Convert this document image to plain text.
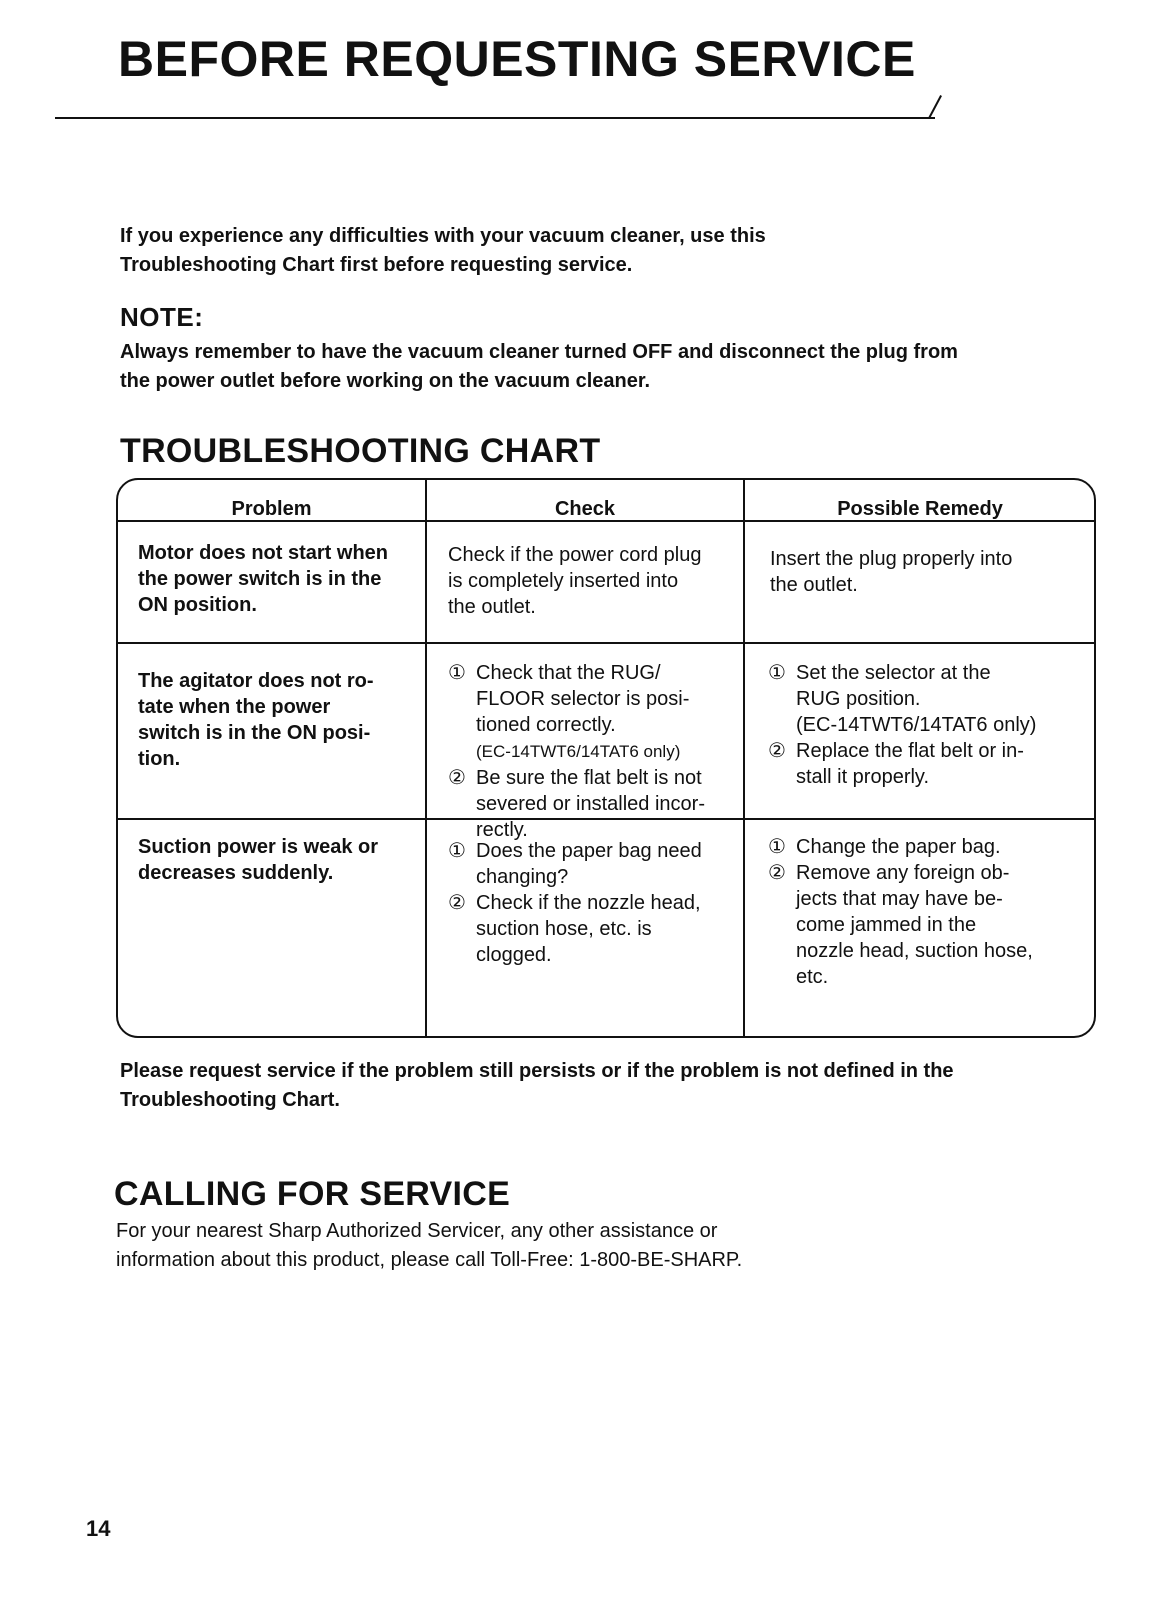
BEFORE REQUESTING SERVICE
If you experience any difficulties with your vacuum cleaner, use this
Troubleshooting Chart first before requesting service.
NOTE:
Always remember to have the vacuum cleaner turned OFF and disconnect the plug from
the power outlet before working on the vacuum cleaner.
TROUBLESHOOTING CHART
Problem	Check	Possible Remedy
Motor does not start when
the power switch is in the
ON position.
Check if the power cord plug
is completely inserted into
the outlet.
Insert the plug properly into
the outlet.
The agitator does not ro-
tate when the power
switch is in the ON posi-
tion.
① Check that the RUG/
FLOOR selector is posi-
tioned correctly.
(EC-14TWT6/14TAT6 only)
② Be sure the flat belt is not
severed or installed incor-
rectly.
① Set the selector at the
RUG position.
(EC-14TWT6/14TAT6 only)
② Replace the flat belt or in-
stall it properly.
Suction power is weak or
decreases suddenly.
① Does the paper bag need
changing?
② Check if the nozzle head,
suction hose, etc. is
clogged.
① Change the paper bag.
② Remove any foreign ob-
jects that may have be-
come jammed in the
nozzle head, suction hose,
etc.
Please request service if the problem still persists or if the problem is not defined in the
Troubleshooting Chart.
CALLING FOR SERVICE
For your nearest Sharp Authorized Servicer, any other assistance or
information about this product, please call Toll-Free: 1-800-BE-SHARP.
14
